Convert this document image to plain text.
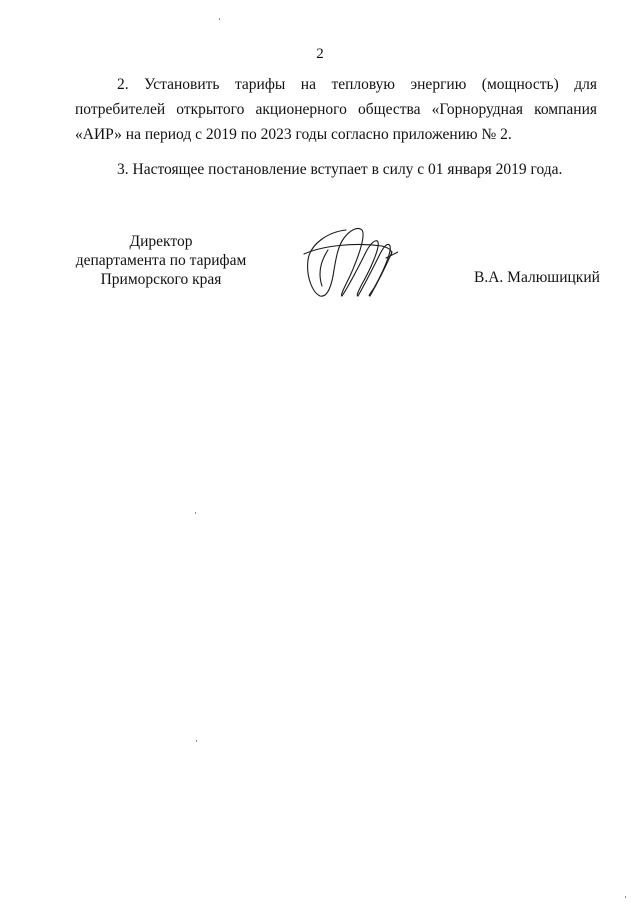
2

2. Установить тарифы на тепловую энергию (мощность) для потребителей открытого акционерного общества «Горнорудная компания «АИР» на период с 2019 по 2023 годы согласно приложению № 2.

3. Настоящее постановление вступает в силу с 01 января 2019 года.

Директор
департамента по тарифам
Приморского края	В.А. Малюшицкий
